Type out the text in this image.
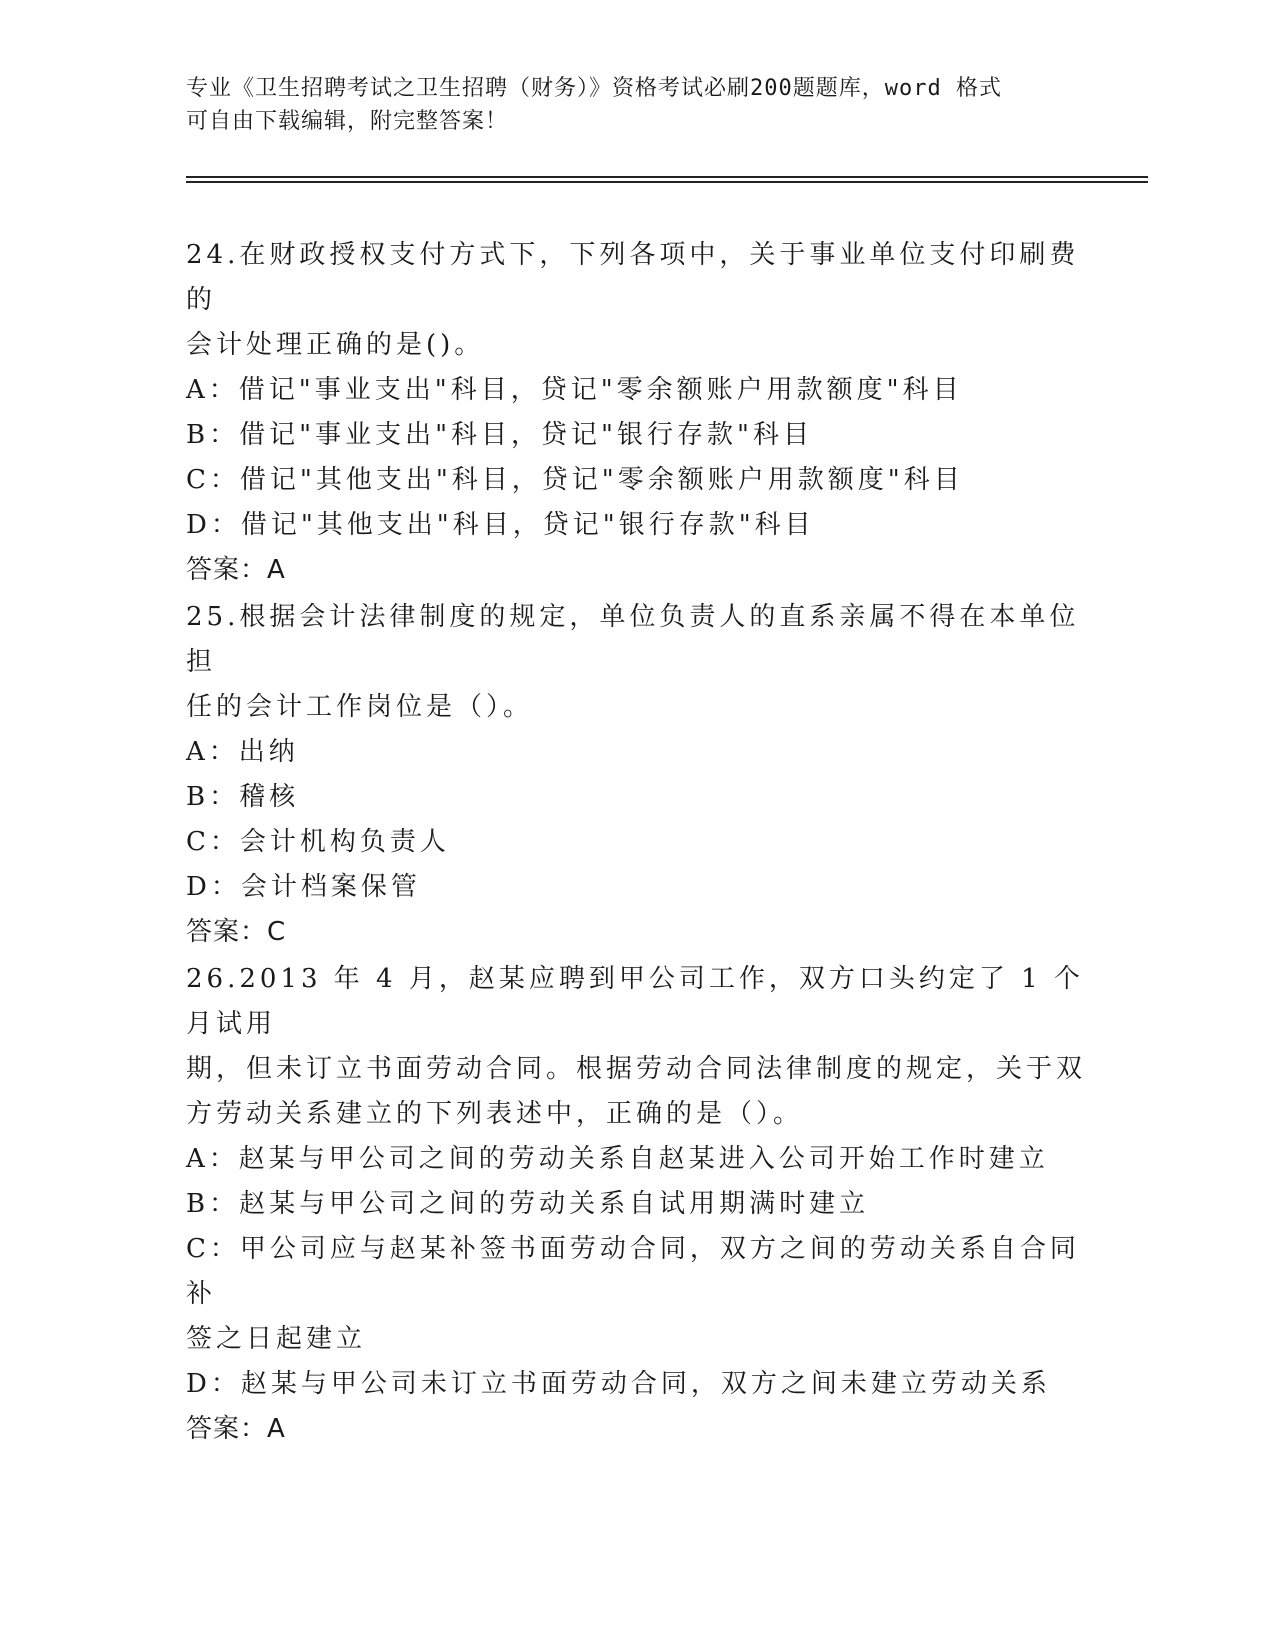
专业《卫生招聘考试之卫生招聘（财务）》资格考试必刷200题题库，word 格式

可自由下载编辑，附完整答案！

24.在财政授权支付方式下，下列各项中，关于事业单位支付印刷费的

会计处理正确的是()。

A：借记"事业支出"科目，贷记"零余额账户用款额度"科目

B：借记"事业支出"科目，贷记"银行存款"科目

C：借记"其他支出"科目，贷记"零余额账户用款额度"科目

D：借记"其他支出"科目，贷记"银行存款"科目

答案：A

25.根据会计法律制度的规定，单位负责人的直系亲属不得在本单位担

任的会计工作岗位是（）。

A：出纳

B：稽核

C：会计机构负责人

D：会计档案保管

答案：C

26.2013 年 4 月，赵某应聘到甲公司工作，双方口头约定了 1 个月试用

期，但未订立书面劳动合同。根据劳动合同法律制度的规定，关于双

方劳动关系建立的下列表述中，正确的是（）。

A：赵某与甲公司之间的劳动关系自赵某进入公司开始工作时建立

B：赵某与甲公司之间的劳动关系自试用期满时建立

C：甲公司应与赵某补签书面劳动合同，双方之间的劳动关系自合同补

签之日起建立

D：赵某与甲公司未订立书面劳动合同，双方之间未建立劳动关系

答案：A
